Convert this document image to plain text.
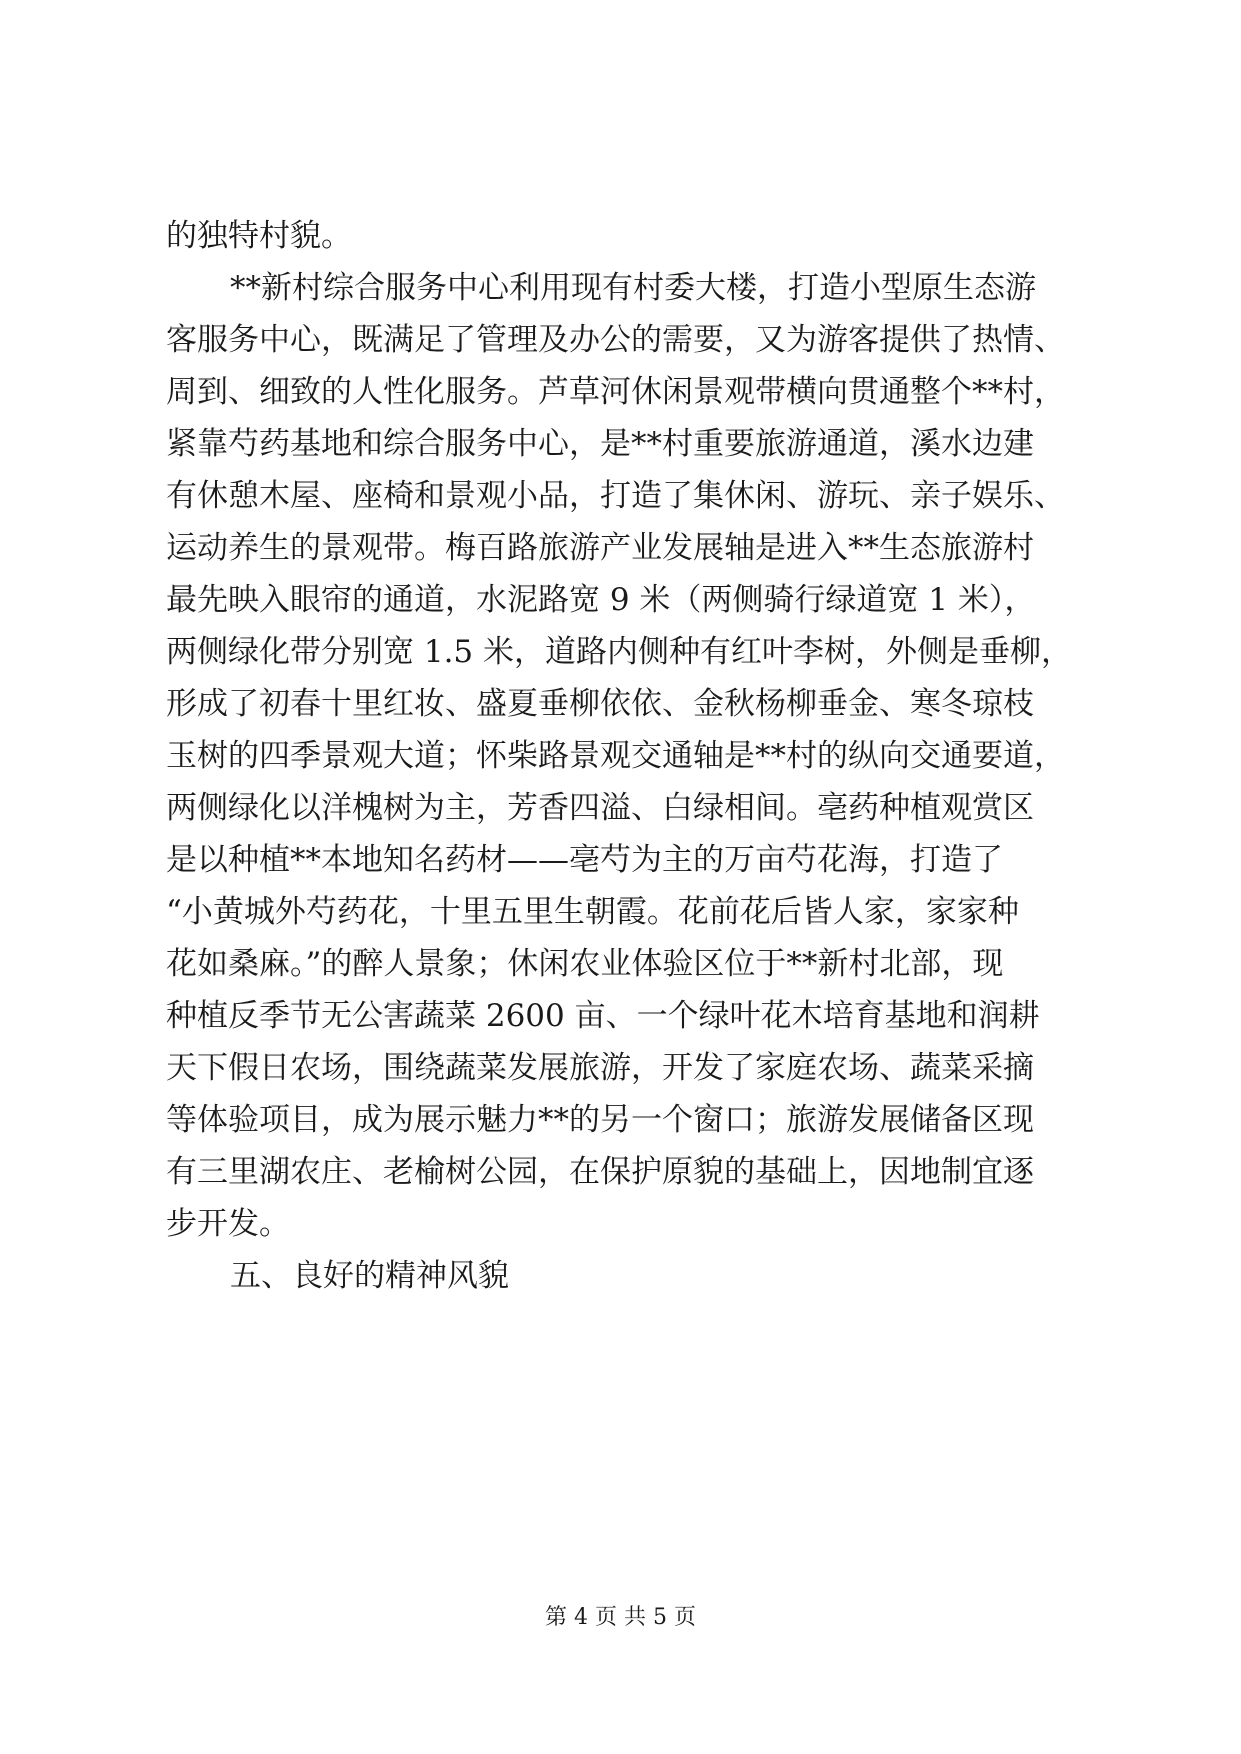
的独特村貌。
**新村综合服务中心利用现有村委大楼，打造小型原生态游
客服务中心，既满足了管理及办公的需要，又为游客提供了热情、
周到、细致的人性化服务。芦草河休闲景观带横向贯通整个**村，
紧靠芍药基地和综合服务中心，是**村重要旅游通道，溪水边建
有休憩木屋、座椅和景观小品，打造了集休闲、游玩、亲子娱乐、
运动养生的景观带。梅百路旅游产业发展轴是进入**生态旅游村
最先映入眼帘的通道，水泥路宽 9 米（两侧骑行绿道宽 1 米），
两侧绿化带分别宽 1.5 米，道路内侧种有红叶李树，外侧是垂柳，
形成了初春十里红妆、盛夏垂柳依依、金秋杨柳垂金、寒冬琼枝
玉树的四季景观大道；怀柴路景观交通轴是**村的纵向交通要道，
两侧绿化以洋槐树为主，芳香四溢、白绿相间。亳药种植观赏区
是以种植**本地知名药材——亳芍为主的万亩芍花海，打造了
“小黄城外芍药花，十里五里生朝霞。花前花后皆人家，家家种
花如桑麻。”的醉人景象；休闲农业体验区位于**新村北部，现
种植反季节无公害蔬菜 2600 亩、一个绿叶花木培育基地和润耕
天下假日农场，围绕蔬菜发展旅游，开发了家庭农场、蔬菜采摘
等体验项目，成为展示魅力**的另一个窗口；旅游发展储备区现
有三里湖农庄、老榆树公园，在保护原貌的基础上，因地制宜逐
步开发。
五、良好的精神风貌
第 4 页 共 5 页
